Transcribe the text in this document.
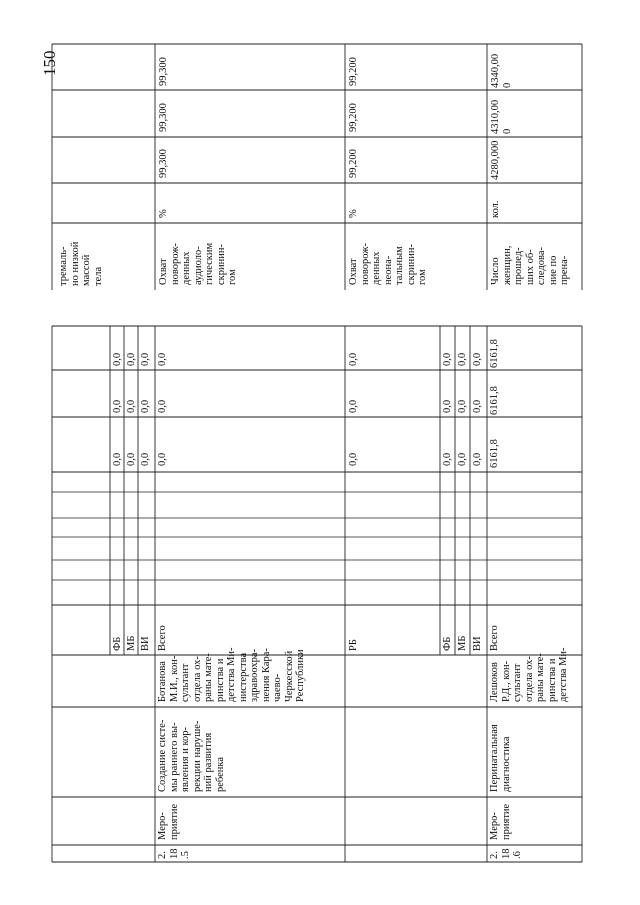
150
тремаль-
но низкой
массой
тела	Охват
новорож-
денных
аудиоло-
гическим
скринин-
гом
%
99,300
99,300
99,300
Охват
новорож-
денных
неона-
тальным
скринин-
гом
%
99,200
99,200
99,200
Число
женщин,
прошед-
ших об-
следова-
ние по
прена-
кол.
4280,000
4310,00
0
4340,00
0
ФБ
0,0
0,0
0,0
МБ
0,0
0,0
0,0
ВИ
0,0
0,0
0,0
2.
18
.5
Меро-
приятие
Создание систе-
мы раннего вы-
явления и кор-
рекции наруше-
ний развития
ребенка
Ботанова
М.И., кон-
сультант
отдела ох-
раны мате-
ринства и
детства Ми-
нистерства
здравоохра-
нения Кара-
чаево-
Черкесской
Республики
Всего
0,0
0,0
0,0
РБ
0,0
0,0
0,0
ФБ
0,0
0,0
0,0
МБ
0,0
0,0
0,0
ВИ
0,0
0,0
0,0
2.
18
.6
Меро-
приятие
Перинатальная
диагностика
Лешоков
Р.Д., кон-
сультант
отдела ох-
раны мате-
ринства и
детства Ми-
Всего
6161,8
6161,8
6161,8
